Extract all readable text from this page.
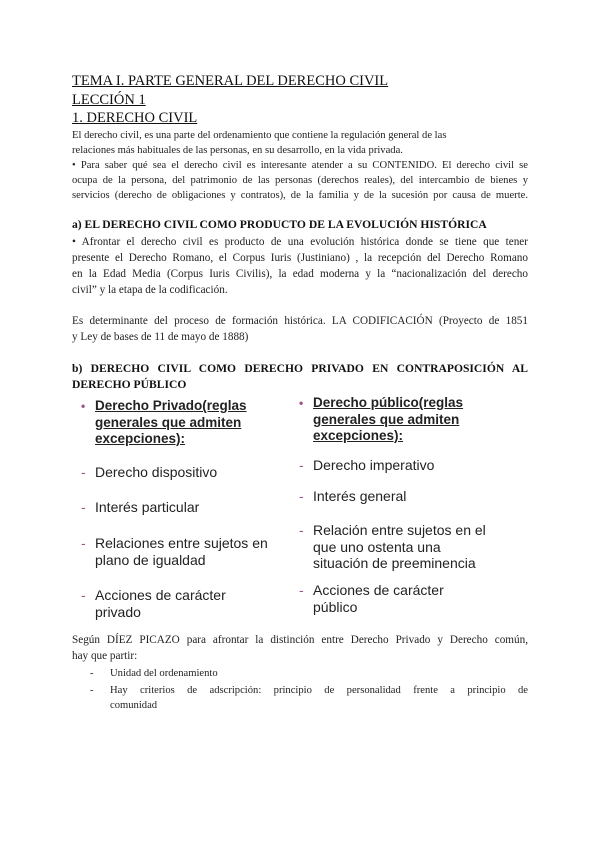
TEMA I. PARTE GENERAL DEL DERECHO CIVIL
LECCIÓN 1
1. DERECHO CIVIL
El derecho civil, es una parte del ordenamiento que contiene la regulación general de las
relaciones más habituales de las personas, en su desarrollo, en la vida privada.
• Para saber qué sea el derecho civil es interesante atender a su CONTENIDO. El derecho civil se
ocupa de la persona, del patrimonio de las personas (derechos reales), del intercambio de bienes y
servicios (derecho de obligaciones y contratos), de la familia y de la sucesión por causa de muerte.
a) EL DERECHO CIVIL COMO PRODUCTO DE LA EVOLUCIÓN HISTÓRICA
• Afrontar el derecho civil es producto de una evolución histórica donde se tiene que tener
presente el Derecho Romano, el Corpus Iuris (Justiniano) , la recepción del Derecho Romano
en la Edad Media (Corpus Iuris Civilis), la edad moderna y la “nacionalización del derecho
civil” y la etapa de la codificación.
Es determinante del proceso de formación histórica. LA CODIFICACIÓN (Proyecto de 1851
y Ley de bases de 11 de mayo de 1888)
b) DERECHO CIVIL COMO DERECHO PRIVADO EN CONTRAPOSICIÓN AL
DERECHO PÚBLICO
• Derecho Privado(reglas
generales que admiten
excepciones):
- Derecho dispositivo
- Interés particular
- Relaciones entre sujetos en
plano de igualdad
- Acciones de carácter
privado
• Derecho público(reglas
generales que admiten
excepciones):
- Derecho imperativo
- Interés general
- Relación entre sujetos en el
que uno ostenta una
situación de preeminencia
- Acciones de carácter
público
Según DÍEZ PICAZO para afrontar la distinción entre Derecho Privado y Derecho común,
hay que partir:
- Unidad del ordenamiento
- Hay criterios de adscripción: principio de personalidad frente a principio de
comunidad
